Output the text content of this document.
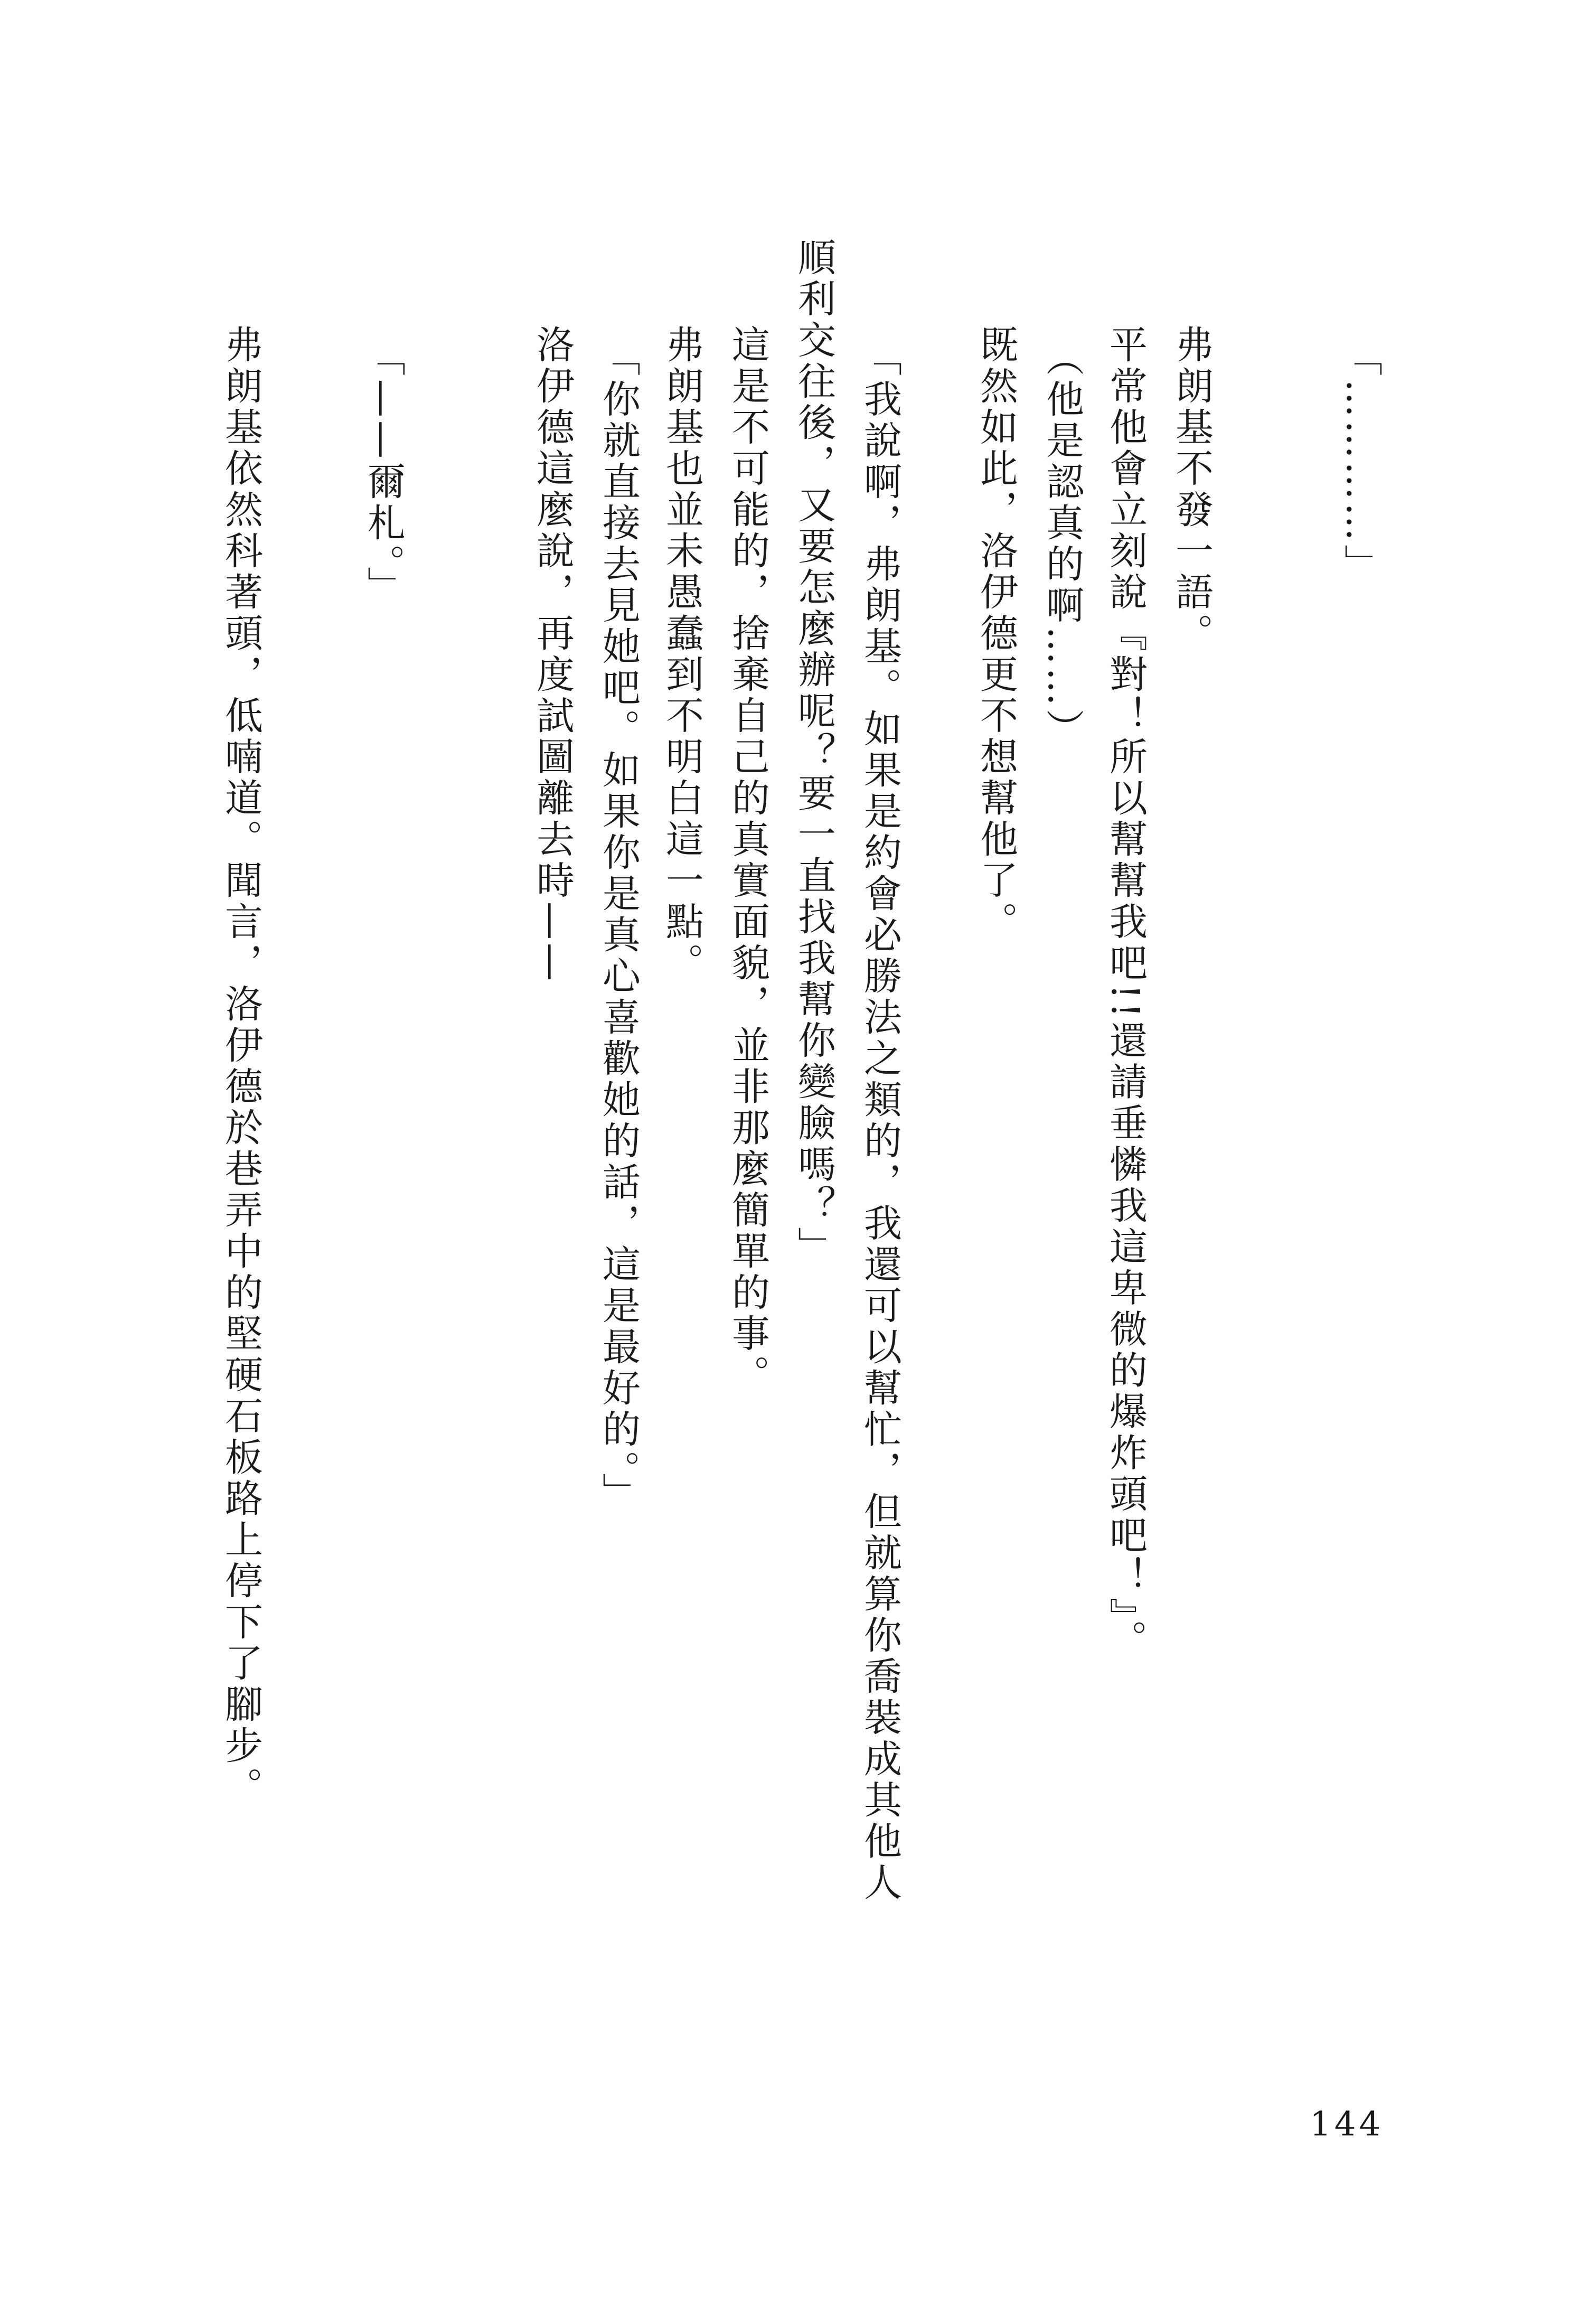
「…………」
弗朗基不發一語。
平常他會立刻說『對！所以幫幫我吧!!還請垂憐我這卑微的爆炸頭吧！』。
（他是認真的啊……）
既然如此，洛伊德更不想幫他了。
「我說啊，弗朗基。如果是約會必勝法之類的，我還可以幫忙，但就算你喬裝成其他人
順利交往後，又要怎麼辦呢？要一直找我幫你變臉嗎？」
這是不可能的，捨棄自己的真實面貌，並非那麼簡單的事。
弗朗基也並未愚蠢到不明白這一點。
「你就直接去見她吧。如果你是真心喜歡她的話，這是最好的。」
洛伊德這麼說，再度試圖離去時——
「——爾札。」
弗朗基依然科著頭，低喃道。聞言，洛伊德於巷弄中的堅硬石板路上停下了腳步。
144
